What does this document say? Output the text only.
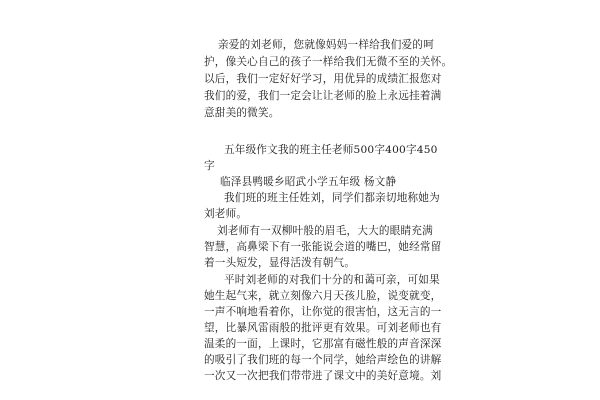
亲爱的刘老师，您就像妈妈一样给我们爱的呵
护，像关心自己的孩子一样给我们无微不至的关怀。
以后，我们一定好好学习，用优异的成绩汇报您对
我们的爱，我们一定会让让老师的脸上永远挂着满
意甜美的微笑。
五年级作文我的班主任老师500字400字450
字
临泽县鸭暖乡昭武小学五年级 杨文静
我们班的班主任姓刘，同学们都亲切地称她为
刘老师。
刘老师有一双柳叶般的眉毛，大大的眼睛充满
智慧，高鼻梁下有一张能说会道的嘴巴，她经常留
着一头短发，显得活泼有朝气。
平时刘老师的对我们十分的和蔼可亲，可如果
她生起气来，就立刻像六月天孩儿脸，说变就变，
一声不响地看着你，让你觉的很害怕，这无言的一
望，比暴风雷雨般的批评更有效果。可刘老师也有
温柔的一面，上课时，它那富有磁性般的声音深深
的吸引了我们班的每一个同学，她给声绘色的讲解
一次又一次把我们带带进了课文中的美好意境。刘
